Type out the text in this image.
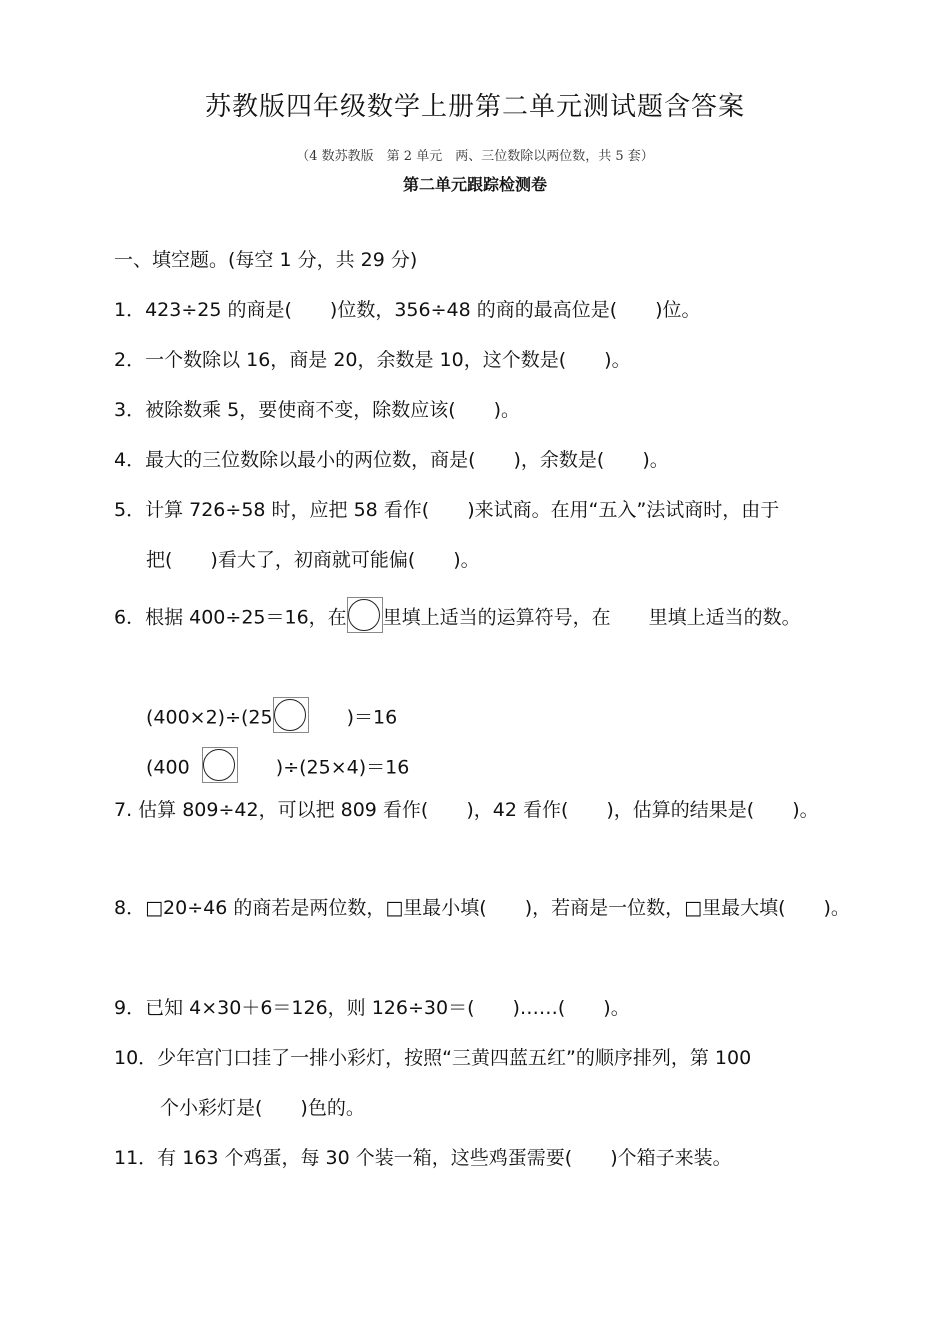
苏教版四年级数学上册第二单元测试题含答案
（4 数苏教版　第 2 单元　两、三位数除以两位数，共 5 套）
第二单元跟踪检测卷
一、填空题。(每空 1 分，共 29 分)
1．423÷25 的商是(　　)位数，356÷48 的商的最高位是(　　)位。
2．一个数除以 16，商是 20，余数是 10，这个数是(　　)。
3．被除数乘 5，要使商不变，除数应该(　　)。
4．最大的三位数除以最小的两位数，商是(　　)，余数是(　　)。
5．计算 726÷58 时，应把 58 看作(　　)来试商。在用“五入”法试商时，由于
把(　　)看大了，初商就可能偏(　　)。
6．根据 400÷25＝16，在 里填上适当的运算符号，在　　里填上适当的数。
(400×2)÷(25
　　)＝16
(400	　　)÷(25×4)＝16
7. 估算 809÷42，可以把 809 看作(　　)，42 看作(　　)，估算的结果是(　　)。
8．□20÷46 的商若是两位数，□里最小填(　　)，若商是一位数，□里最大填(　　)。
9．已知 4×30＋6＝126，则 126÷30＝(　　)……(　　)。
10．少年宫门口挂了一排小彩灯，按照“三黄四蓝五红”的顺序排列，第 100
个小彩灯是(　　)色的。
11．有 163 个鸡蛋，每 30 个装一箱，这些鸡蛋需要(　　)个箱子来装。
